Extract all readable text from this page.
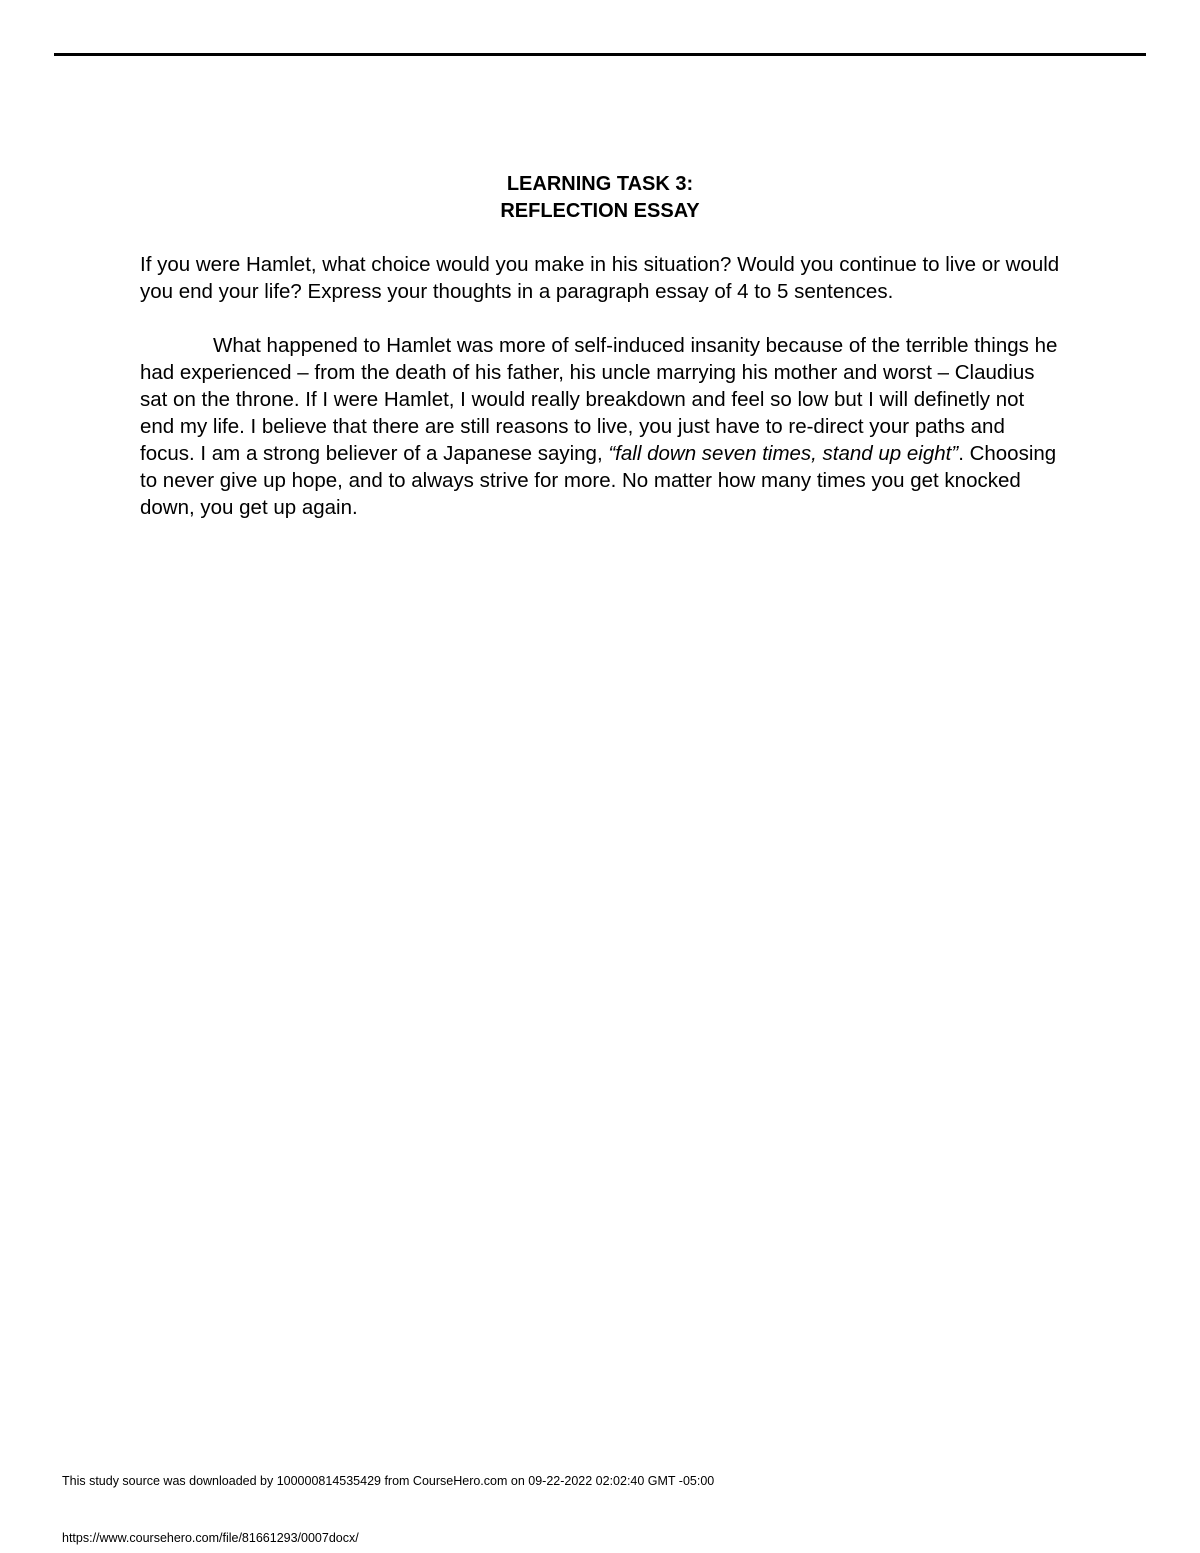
LEARNING TASK 3:
REFLECTION ESSAY

If you were Hamlet, what choice would you make in his situation? Would you continue to live or would you end your life? Express your thoughts in a paragraph essay of 4 to 5 sentences.

What happened to Hamlet was more of self-induced insanity because of the terrible things he had experienced – from the death of his father, his uncle marrying his mother and worst – Claudius sat on the throne. If I were Hamlet, I would really breakdown and feel so low but I will definetly not end my life. I believe that there are still reasons to live, you just have to re-direct your paths and focus. I am a strong believer of a Japanese saying, “fall down seven times, stand up eight”. Choosing to never give up hope, and to always strive for more. No matter how many times you get knocked down, you get up again.

This study source was downloaded by 100000814535429 from CourseHero.com on 09-22-2022 02:02:40 GMT -05:00
https://www.coursehero.com/file/81661293/0007docx/
